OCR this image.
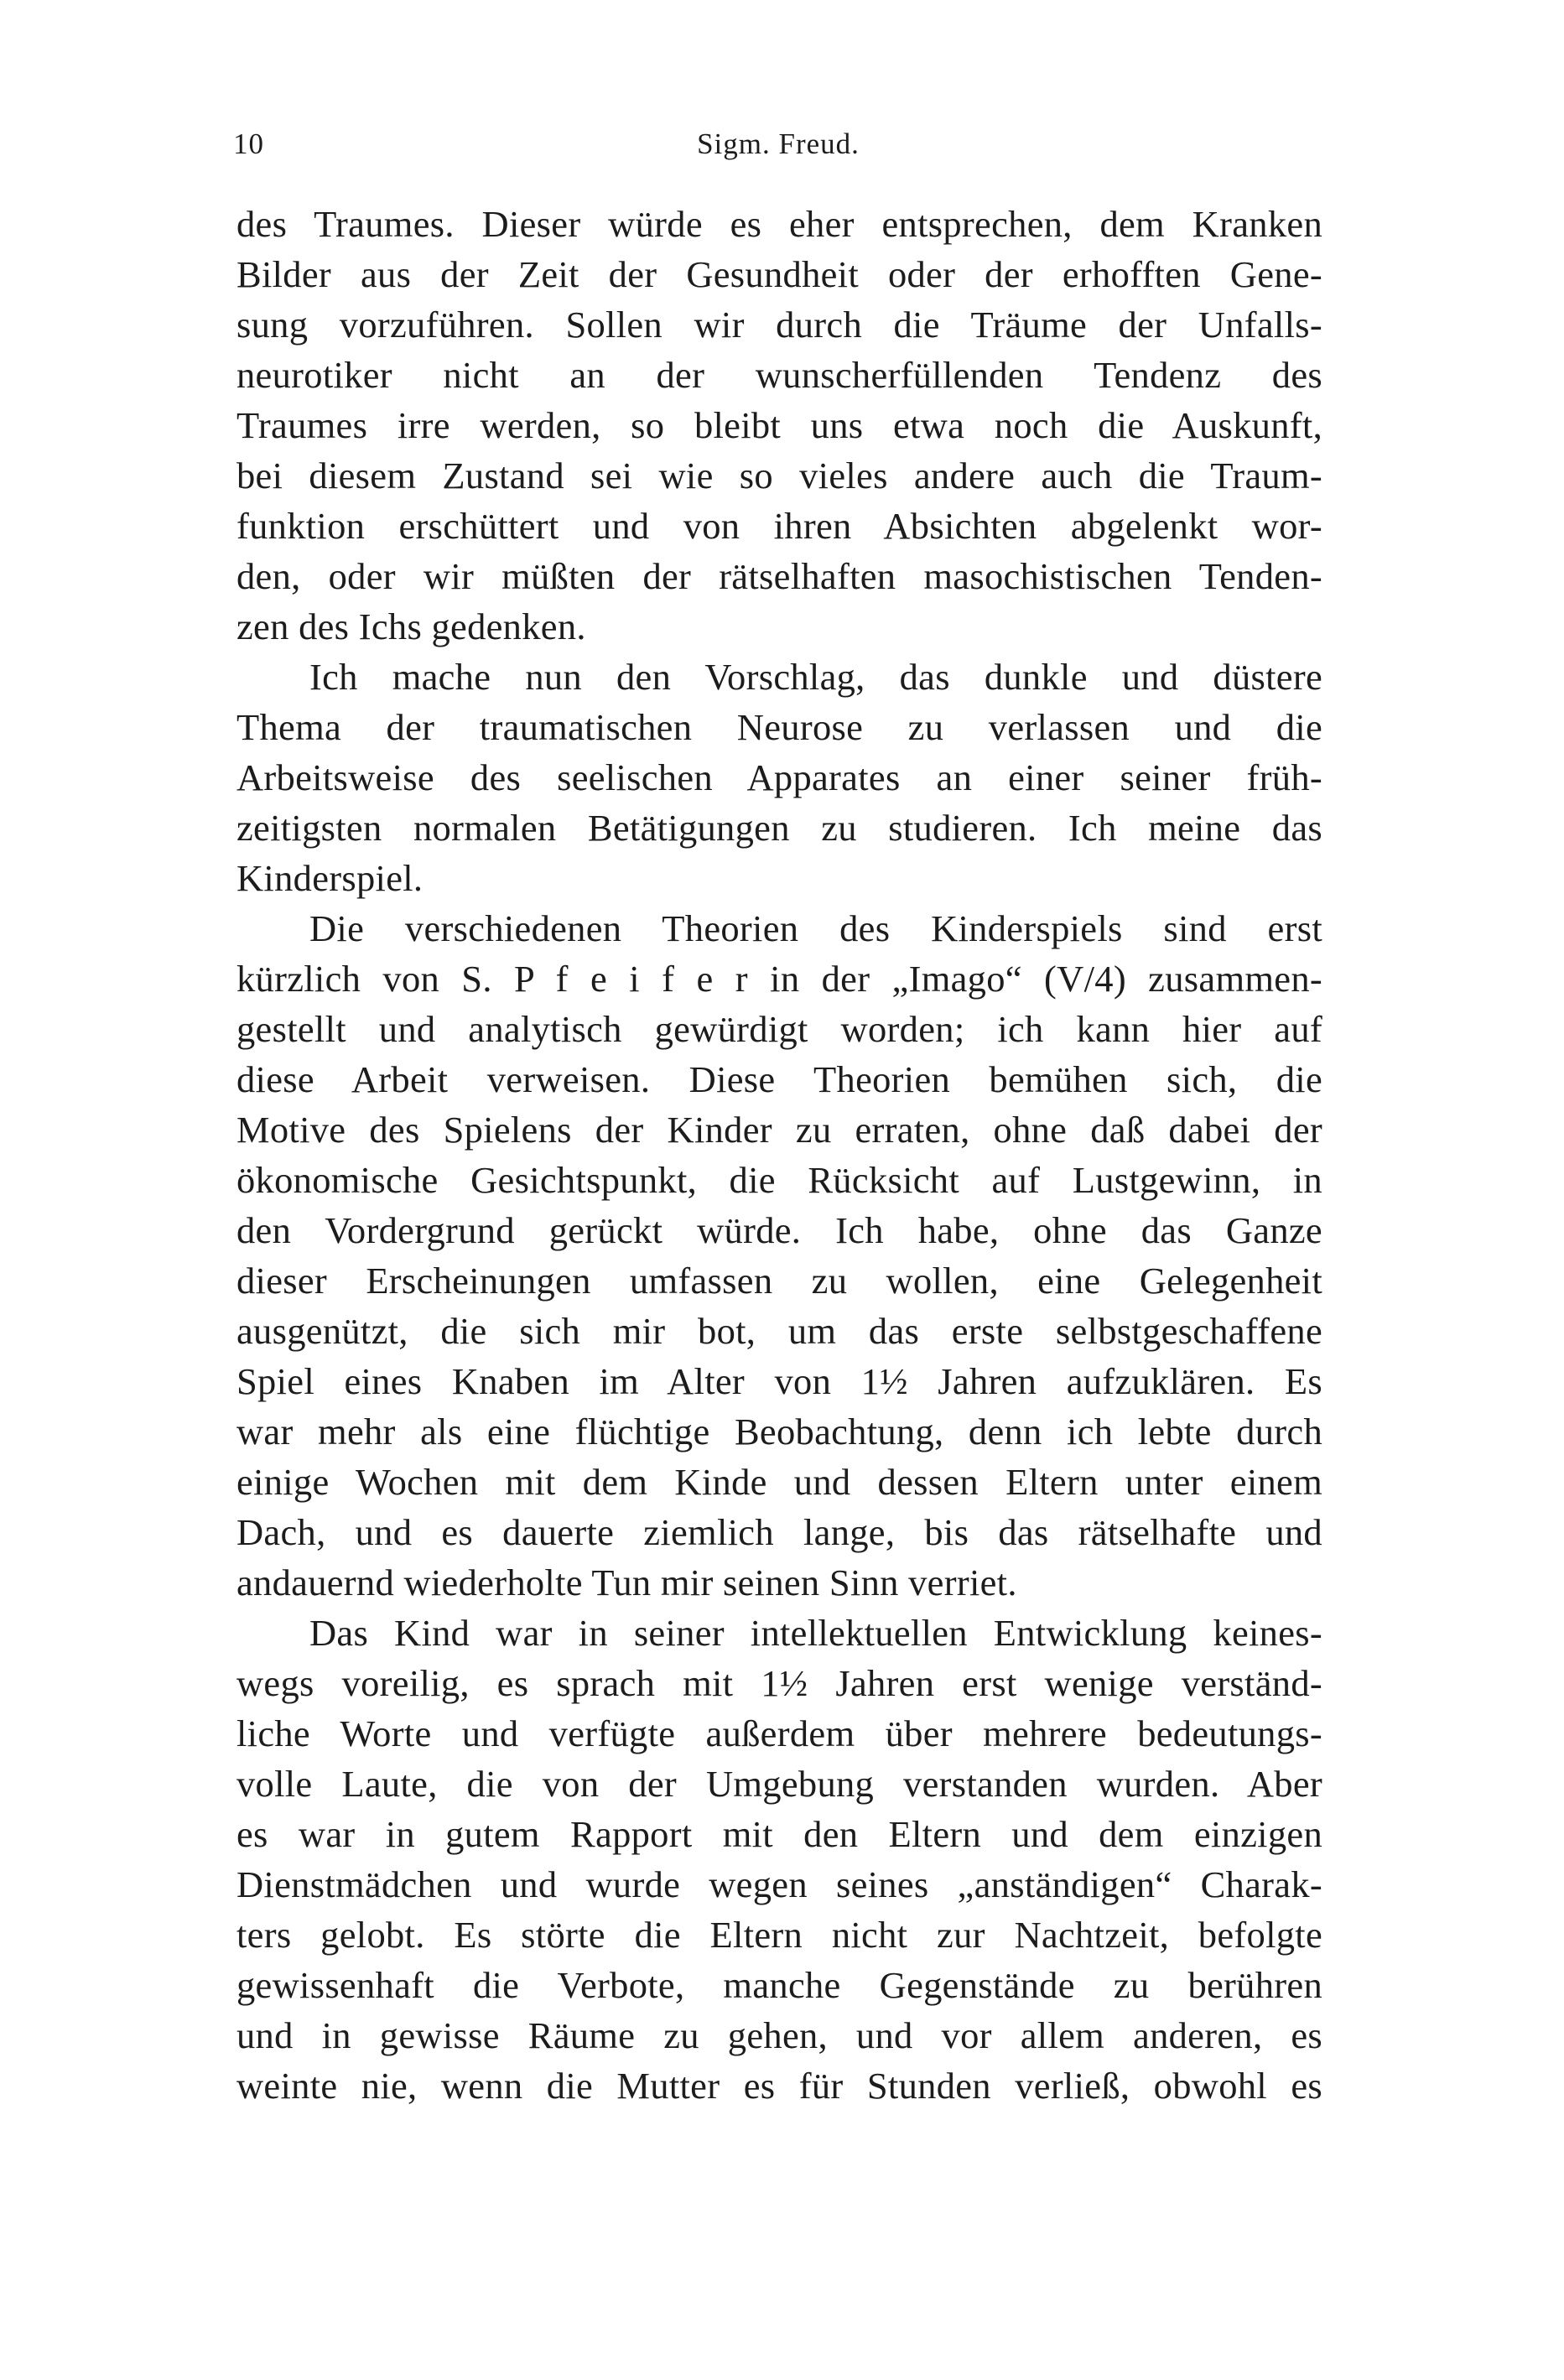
10	Sigm. Freud.
des Traumes. Dieser würde es eher entsprechen, dem Kranken
Bilder aus der Zeit der Gesundheit oder der erhofften Gene-
sung vorzuführen. Sollen wir durch die Träume der Unfalls-
neurotiker nicht an der wunscherfüllenden Tendenz des
Traumes irre werden, so bleibt uns etwa noch die Auskunft,
bei diesem Zustand sei wie so vieles andere auch die Traum-
funktion erschüttert und von ihren Absichten abgelenkt wor-
den, oder wir müßten der rätselhaften masochistischen Tenden-
zen des Ichs gedenken.
Ich mache nun den Vorschlag, das dunkle und düstere
Thema der traumatischen Neurose zu verlassen und die
Arbeitsweise des seelischen Apparates an einer seiner früh-
zeitigsten normalen Betätigungen zu studieren. Ich meine das
Kinderspiel.
Die verschiedenen Theorien des Kinderspiels sind erst
kürzlich von S. P f e i f e r in der „Imago“ (V/4) zusammen-
gestellt und analytisch gewürdigt worden; ich kann hier auf
diese Arbeit verweisen. Diese Theorien bemühen sich, die
Motive des Spielens der Kinder zu erraten, ohne daß dabei der
ökonomische Gesichtspunkt, die Rücksicht auf Lustgewinn, in
den Vordergrund gerückt würde. Ich habe, ohne das Ganze
dieser Erscheinungen umfassen zu wollen, eine Gelegenheit
ausgenützt, die sich mir bot, um das erste selbstgeschaffene
Spiel eines Knaben im Alter von 1½ Jahren aufzuklären. Es
war mehr als eine flüchtige Beobachtung, denn ich lebte durch
einige Wochen mit dem Kinde und dessen Eltern unter einem
Dach, und es dauerte ziemlich lange, bis das rätselhafte und
andauernd wiederholte Tun mir seinen Sinn verriet.
Das Kind war in seiner intellektuellen Entwicklung keines-
wegs voreilig, es sprach mit 1½ Jahren erst wenige verständ-
liche Worte und verfügte außerdem über mehrere bedeutungs-
volle Laute, die von der Umgebung verstanden wurden. Aber
es war in gutem Rapport mit den Eltern und dem einzigen
Dienstmädchen und wurde wegen seines „anständigen“ Charak-
ters gelobt. Es störte die Eltern nicht zur Nachtzeit, befolgte
gewissenhaft die Verbote, manche Gegenstände zu berühren
und in gewisse Räume zu gehen, und vor allem anderen, es
weinte nie, wenn die Mutter es für Stunden verließ, obwohl es
